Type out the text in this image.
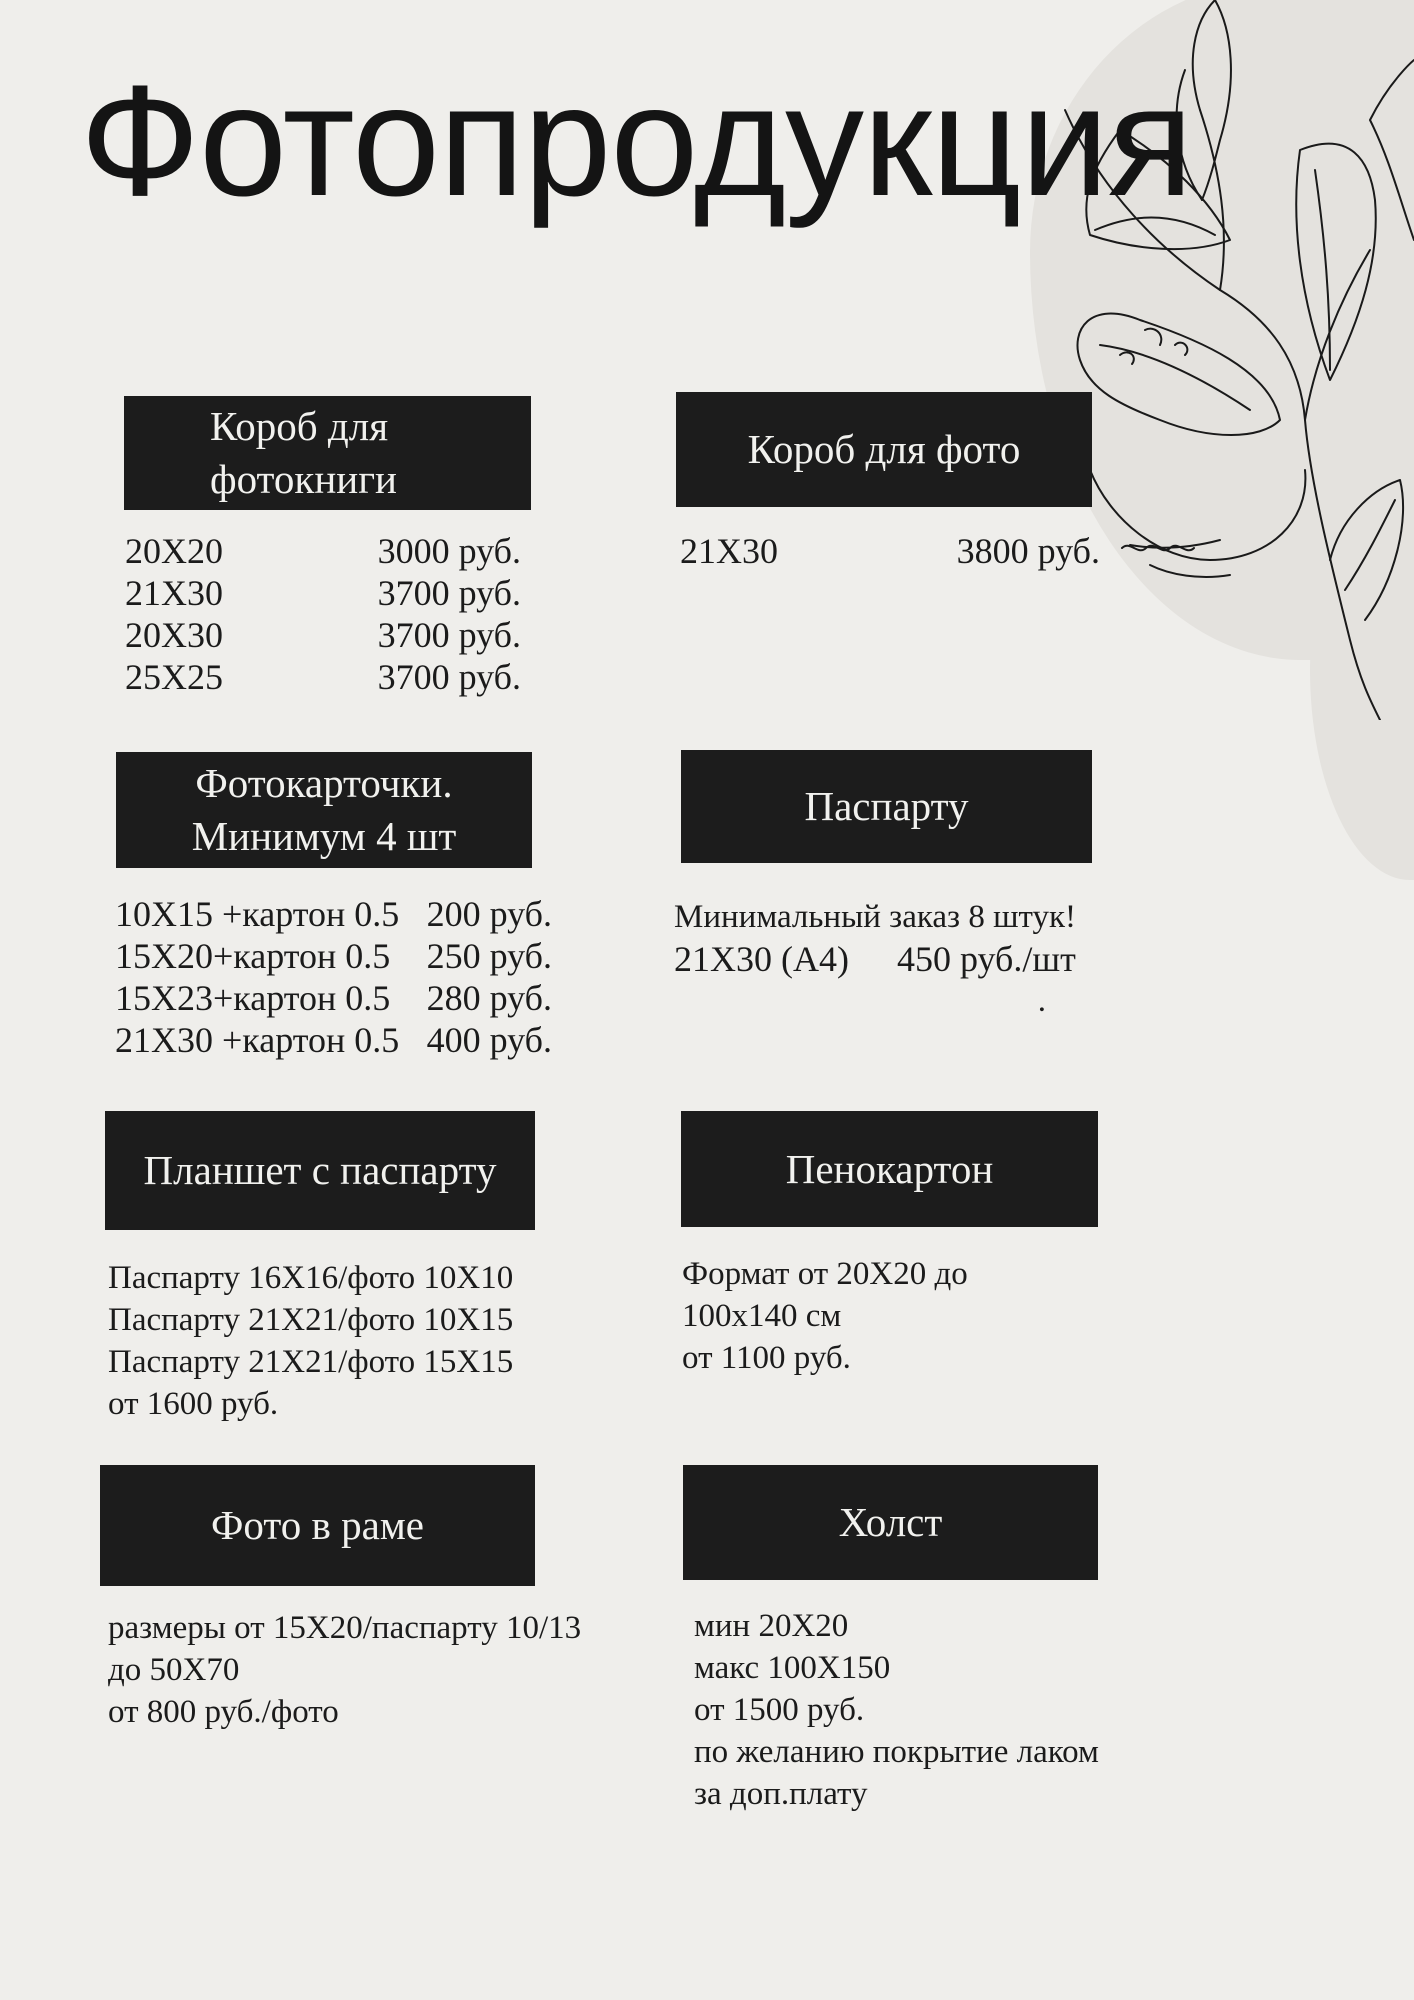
Фотопродукция
Короб для
фотокниги
20X20	3000 руб.
21X30	3700 руб.
20X30	3700 руб.
25X25	3700 руб.
Короб для фото
21X30	3800 руб.
Фотокарточки.
Минимум 4 шт
10X15 +картон 0.5 200 руб.
15X20+картон 0.5 250 руб.
15X23+картон 0.5 280 руб.
21X30 +картон 0.5 400 руб.
Паспарту
Минимальный заказ 8 штук!
21X30 (A4) 450 руб./шт
.
Планшет с паспарту
Паспарту 16X16/фото 10X10
Паспарту 21X21/фото 10X15
Паспарту 21X21/фото 15X15
от 1600 руб.
Пенокартон
Формат от 20X20 до
100x140 см
от 1100 руб.
Фото в раме
размеры от 15X20/паспарту 10/13
до 50X70
от 800 руб./фото
Холст
мин 20X20
макс 100X150
от 1500 руб.
по желанию покрытие лаком
за доп.плату
